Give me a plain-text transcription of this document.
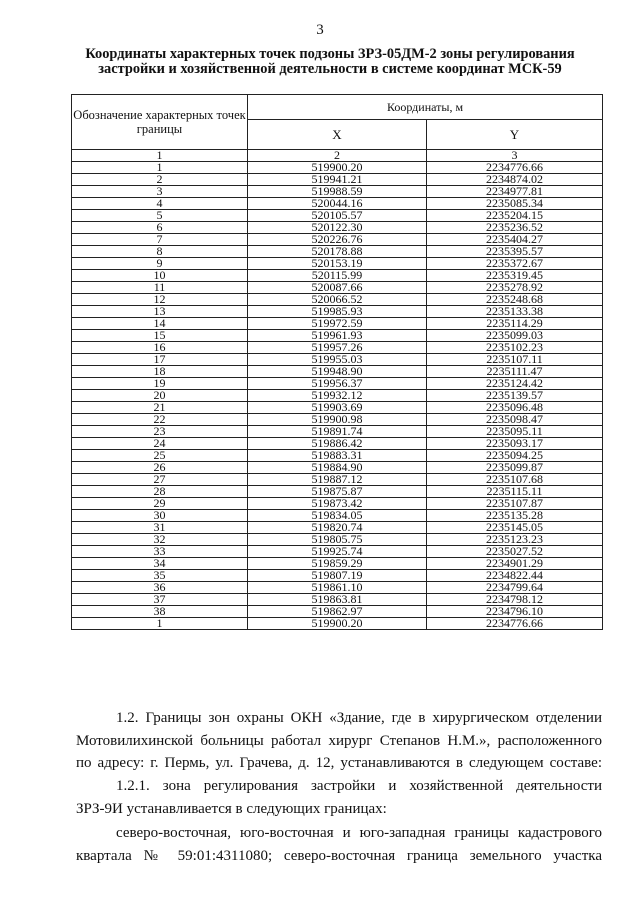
3
Координаты характерных точек подзоны ЗРЗ-05ДМ-2 зоны регулирования
застройки и хозяйственной деятельности в системе координат МСК-59
Обозначение характерных точек границы	Координаты, м	
	X	Y
1	2	3
1	519900.20	2234776.66
2	519941.21	2234874.02
3	519988.59	2234977.81
4	520044.16	2235085.34
5	520105.57	2235204.15
6	520122.30	2235236.52
7	520226.76	2235404.27
8	520178.88	2235395.57
9	520153.19	2235372.67
10	520115.99	2235319.45
11	520087.66	2235278.92
12	520066.52	2235248.68
13	519985.93	2235133.38
14	519972.59	2235114.29
15	519961.93	2235099.03
16	519957.26	2235102.23
17	519955.03	2235107.11
18	519948.90	2235111.47
19	519956.37	2235124.42
20	519932.12	2235139.57
21	519903.69	2235096.48
22	519900.98	2235098.47
23	519891.74	2235095.11
24	519886.42	2235093.17
25	519883.31	2235094.25
26	519884.90	2235099.87
27	519887.12	2235107.68
28	519875.87	2235115.11
29	519873.42	2235107.87
30	519834.05	2235135.28
31	519820.74	2235145.05
32	519805.75	2235123.23
33	519925.74	2235027.52
34	519859.29	2234901.29
35	519807.19	2234822.44
36	519861.10	2234799.64
37	519863.81	2234798.12
38	519862.97	2234796.10
1	519900.20	2234776.66

1.2. Границы зон охраны ОКН «Здание, где в хирургическом отделении

Мотовилихинской больницы работал хирург Степанов Н.М.», расположенного

по адресу: г. Пермь, ул. Грачева, д. 12, устанавливаются в следующем составе:

1.2.1. зона регулирования застройки и хозяйственной деятельности

ЗРЗ-9И устанавливается в следующих границах:

северо-восточная, юго-восточная и юго-западная границы кадастрового

квартала № 59:01:4311080; северо-восточная граница земельного участка
